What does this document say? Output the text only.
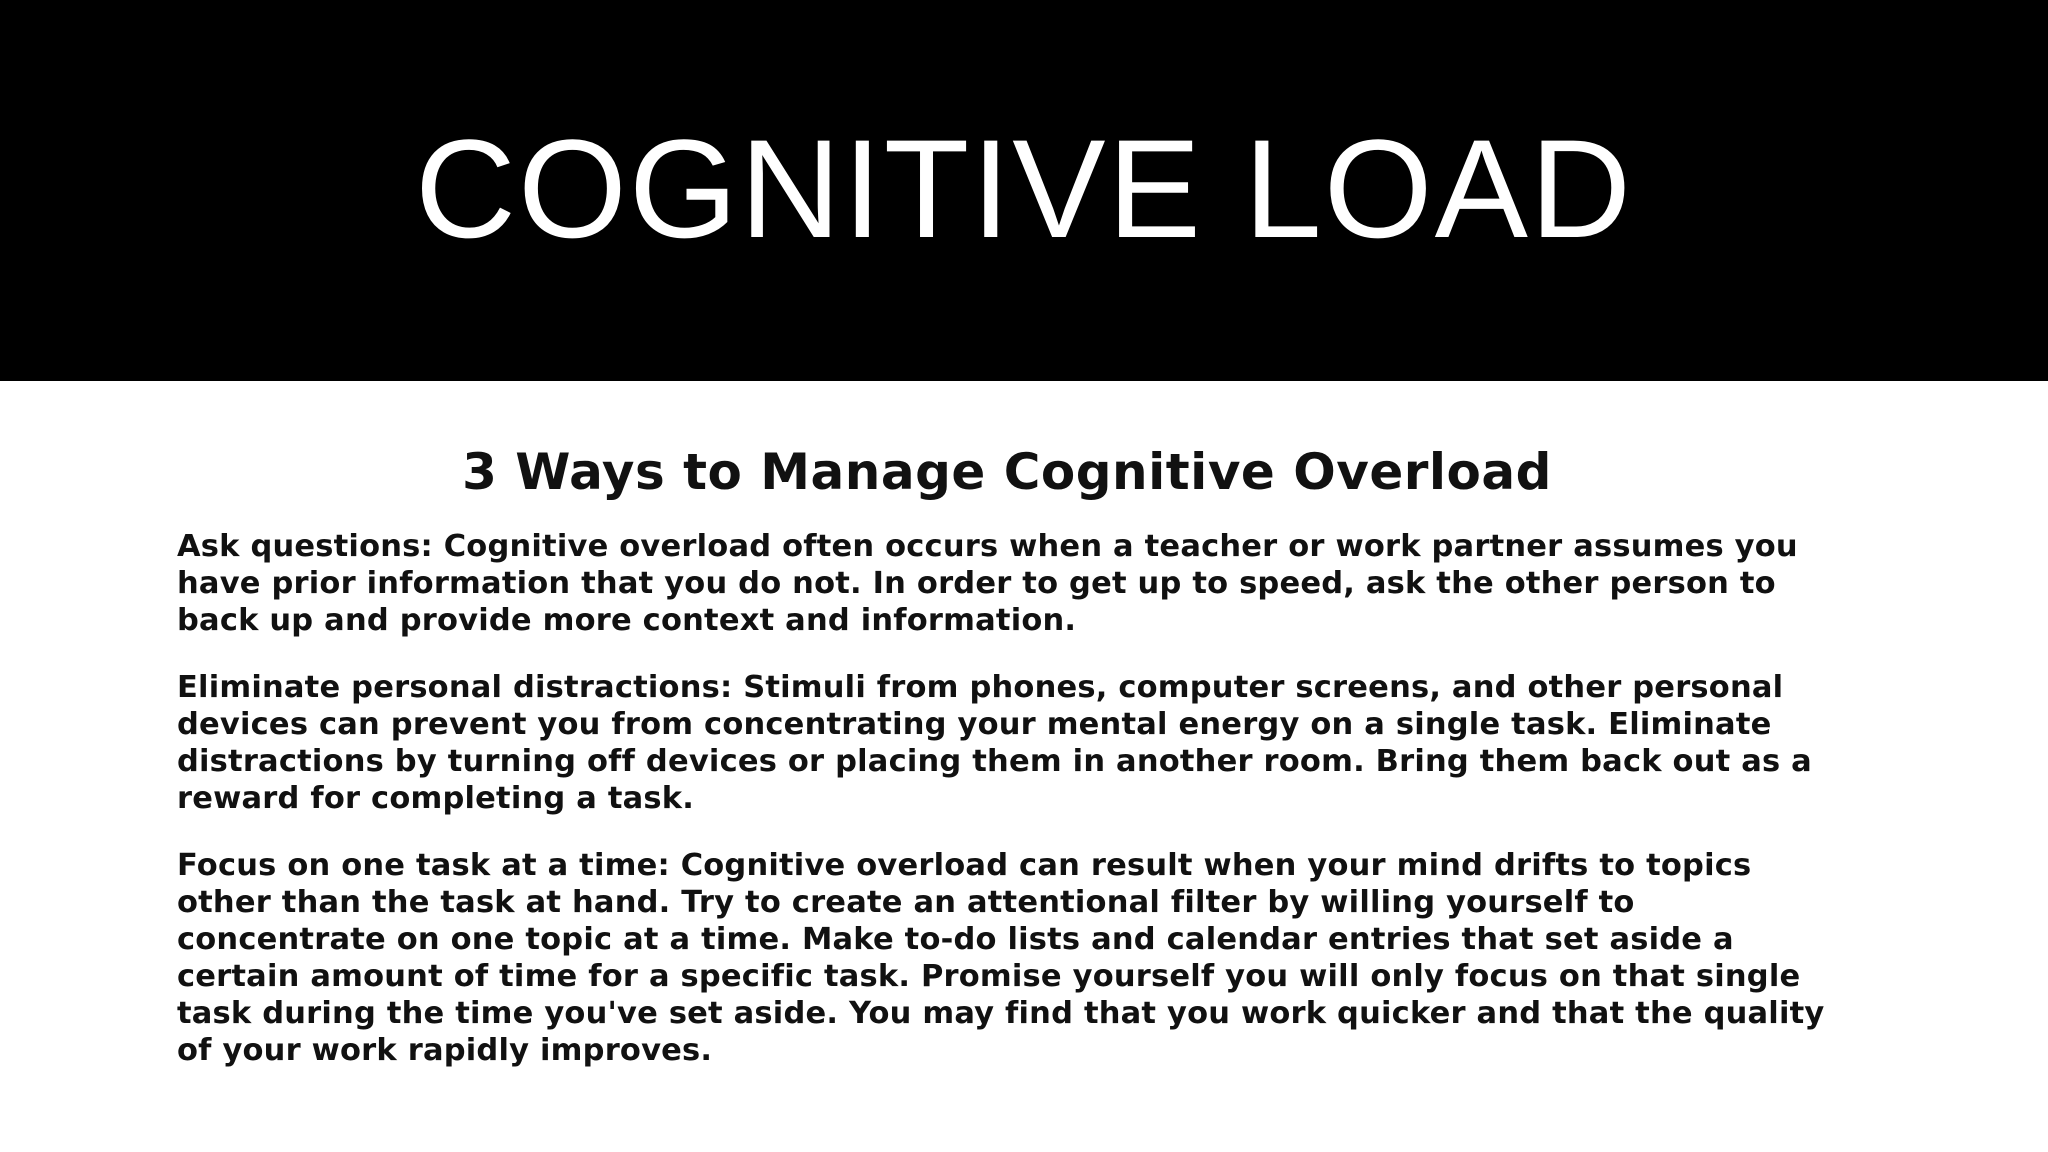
COGNITIVE LOAD
3 Ways to Manage Cognitive Overload

Ask questions: Cognitive overload often occurs when a teacher or work partner assumes you have prior information that you do not. In order to get up to speed, ask the other person to back up and provide more context and information.

Eliminate personal distractions: Stimuli from phones, computer screens, and other personal devices can prevent you from concentrating your mental energy on a single task. Eliminate distractions by turning off devices or placing them in another room. Bring them back out as a reward for completing a task.

Focus on one task at a time: Cognitive overload can result when your mind drifts to topics other than the task at hand. Try to create an attentional filter by willing yourself to concentrate on one topic at a time. Make to-do lists and calendar entries that set aside a certain amount of time for a specific task. Promise yourself you will only focus on that single task during the time you've set aside. You may find that you work quicker and that the quality of your work rapidly improves.
